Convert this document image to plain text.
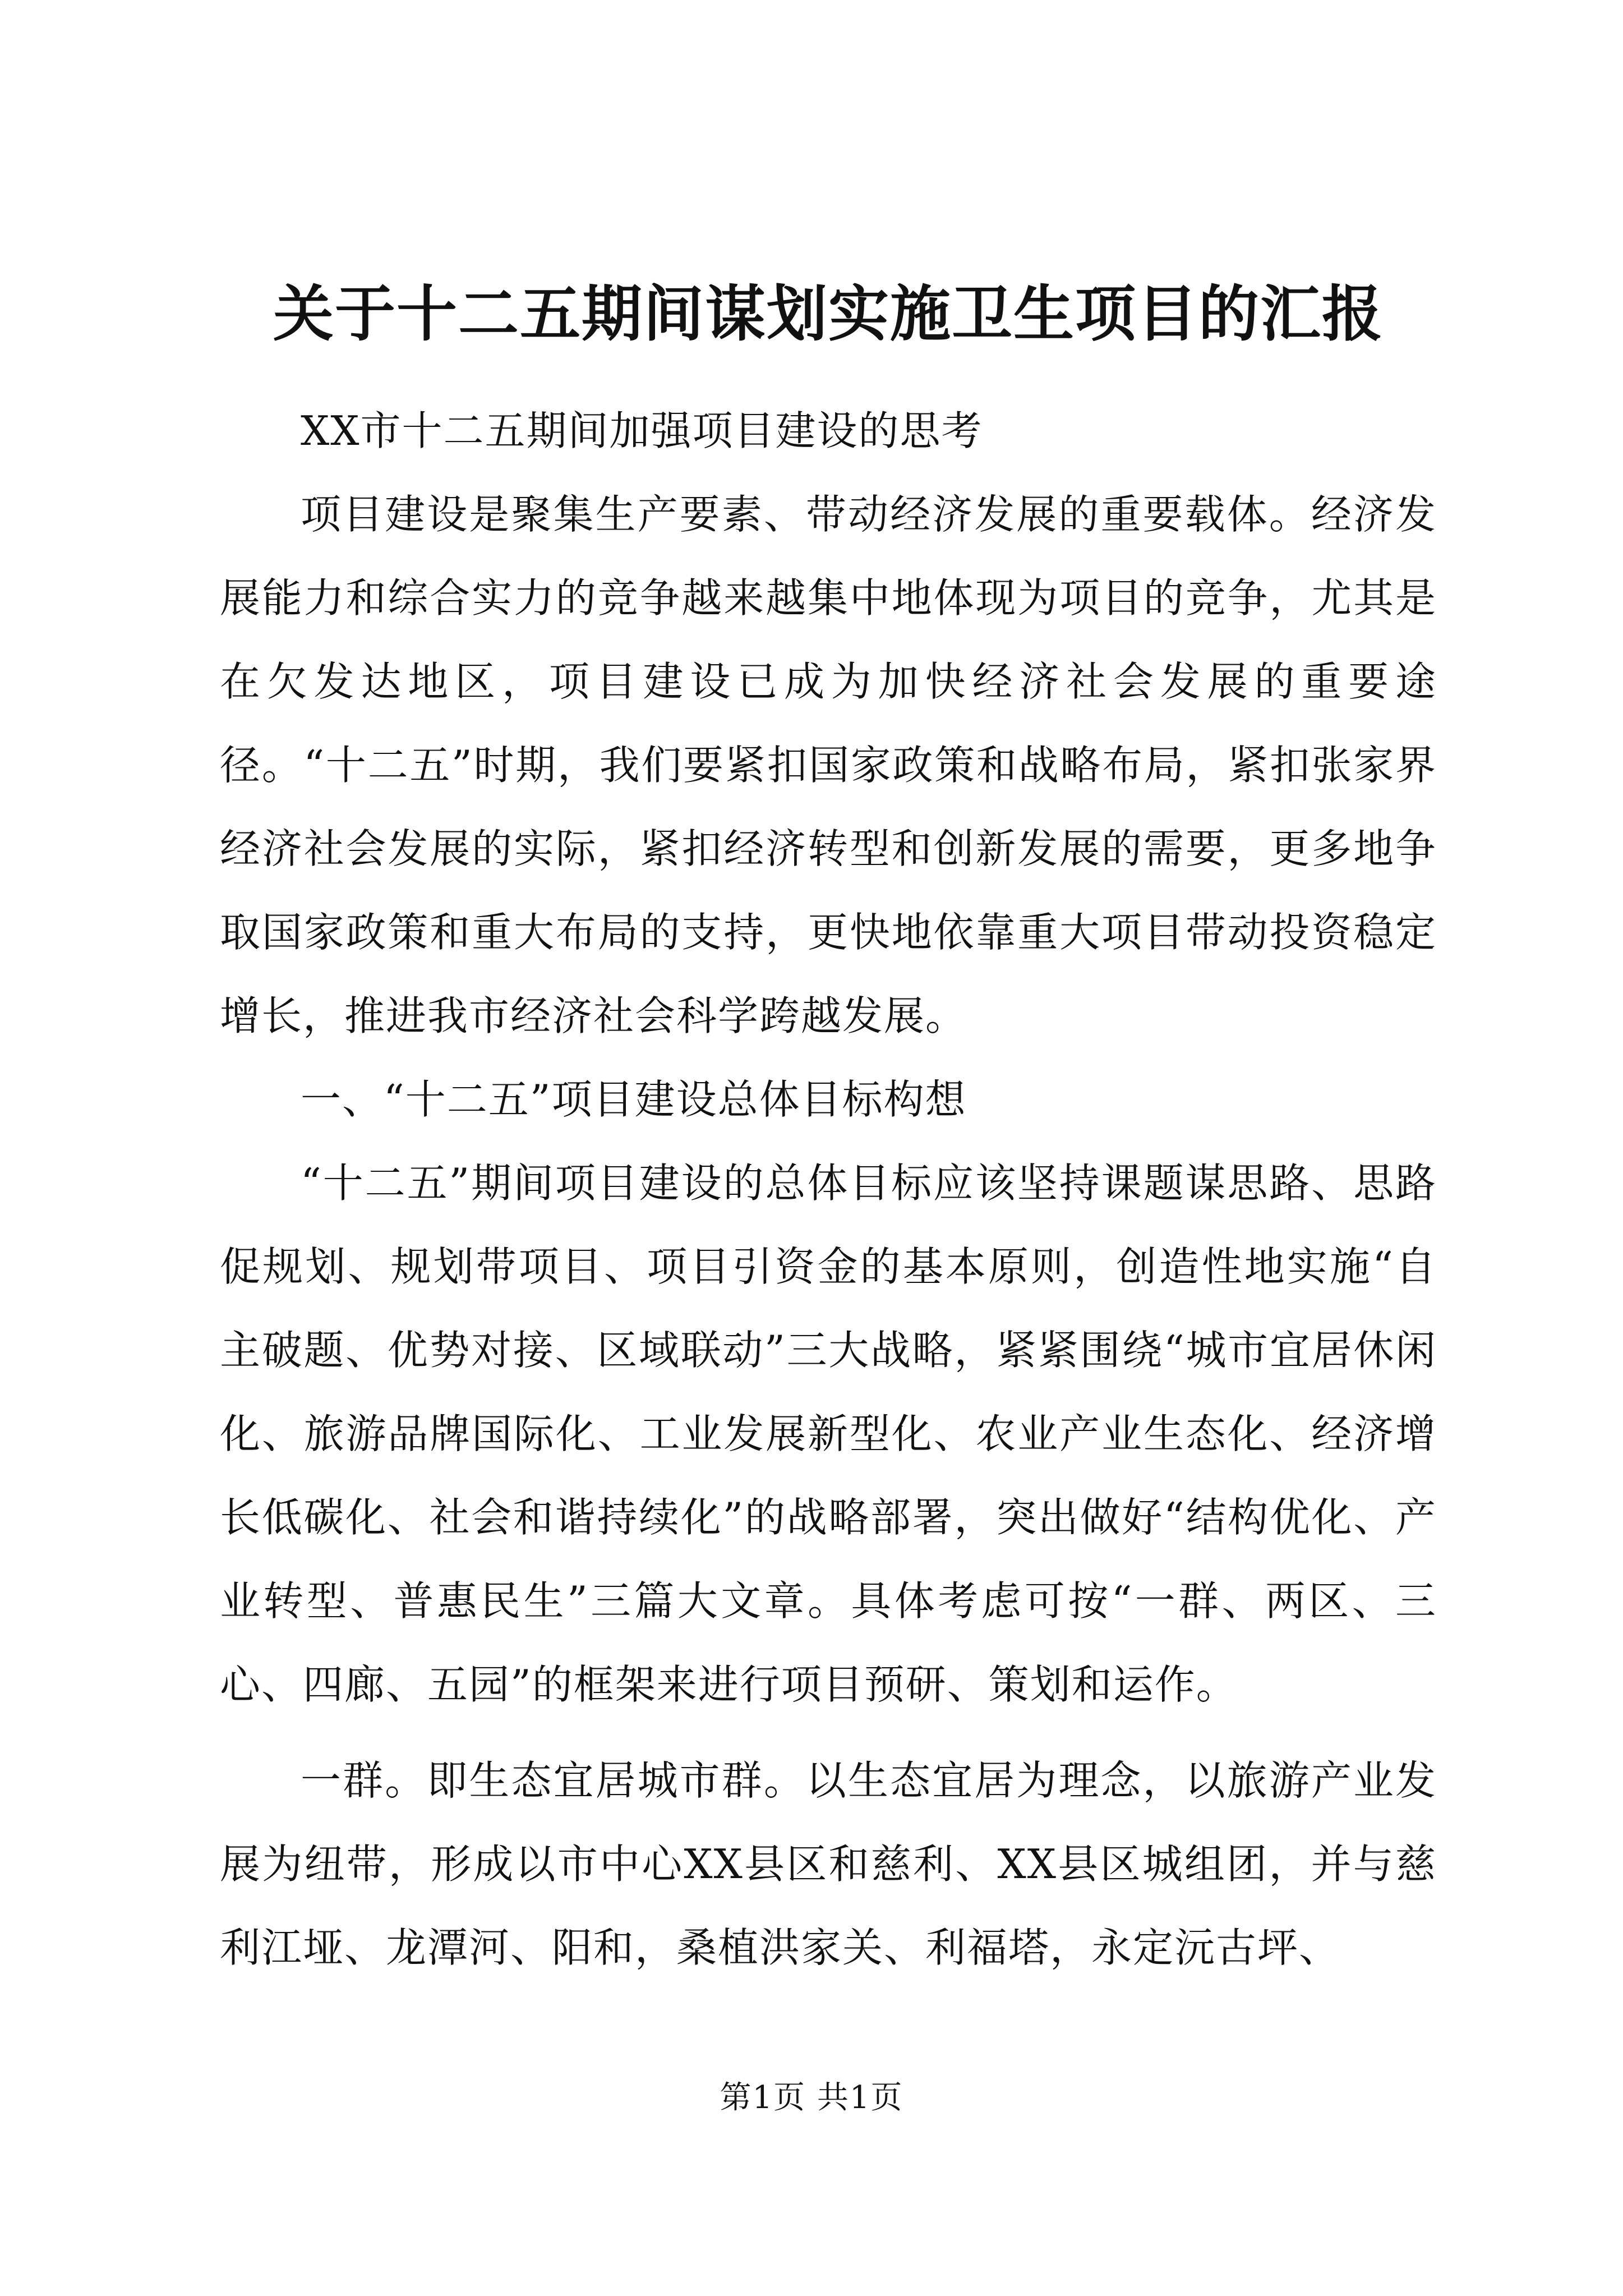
关于十二五期间谋划实施卫生项目的汇报

XX市十二五期间加强项目建设的思考

项目建设是聚集生产要素、带动经济发展的重要载体。经济发展能力和综合实力的竞争越来越集中地体现为项目的竞争，尤其是在欠发达地区，项目建设已成为加快经济社会发展的重要途径。“十二五”时期，我们要紧扣国家政策和战略布局，紧扣张家界经济社会发展的实际，紧扣经济转型和创新发展的需要，更多地争取国家政策和重大布局的支持，更快地依靠重大项目带动投资稳定增长，推进我市经济社会科学跨越发展。

一、“十二五”项目建设总体目标构想

“十二五”期间项目建设的总体目标应该坚持课题谋思路、思路促规划、规划带项目、项目引资金的基本原则，创造性地实施“自主破题、优势对接、区域联动”三大战略，紧紧围绕“城市宜居休闲化、旅游品牌国际化、工业发展新型化、农业产业生态化、经济增长低碳化、社会和谐持续化”的战略部署，突出做好“结构优化、产业转型、普惠民生”三篇大文章。具体考虑可按“一群、两区、三心、四廊、五园”的框架来进行项目预研、策划和运作。

一群。即生态宜居城市群。以生态宜居为理念，以旅游产业发展为纽带，形成以市中心XX县区和慈利、XX县区城组团，并与慈利江垭、龙潭河、阳和，桑植洪家关、利福塔，永定沅古坪、

第1页 共1页
